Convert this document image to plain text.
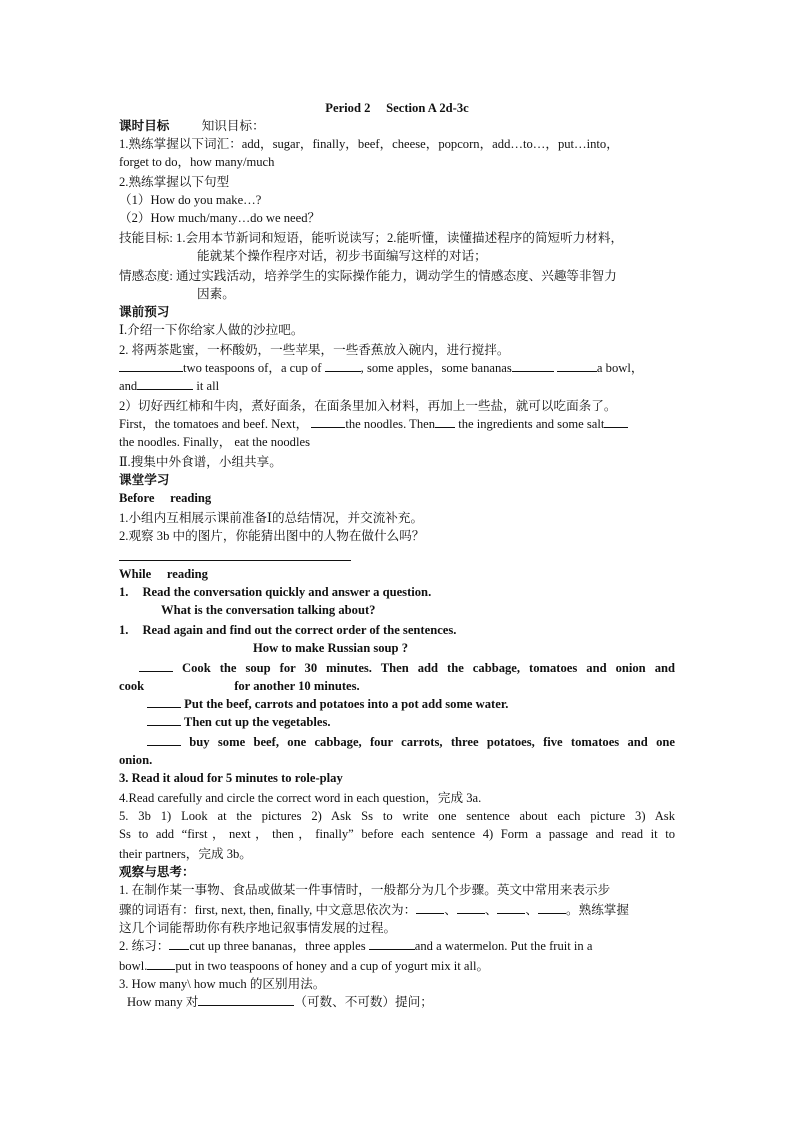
Period 2　 Section A 2d-3c
课时目标	知识目标：
1.熟练掌握以下词汇：add，sugar，finally，beef，cheese，popcorn，add…to…，put…into，
forget to do，how many/much
2.熟练掌握以下句型
（1）How do you make…?
（2）How much/many…do we need？
技能目标: 1.会用本节新词和短语，能听说读写；2.能听懂，读懂描述程序的简短听力材料，
能就某个操作程序对话，初步书面编写这样的对话；
情感态度: 通过实践活动，培养学生的实际操作能力，调动学生的情感态度、兴趣等非智力
因素。
课前预习
Ⅰ.介绍一下你给家人做的沙拉吧。
2. 将两茶匙蜜，一杯酸奶，一些苹果，一些香蕉放入碗内，进行搅拌。
two teaspoons of，a cup of	, some apples，some bananas	a bowl，
and	it all
2）切好西红柿和牛肉，煮好面条，在面条里加入材料，再加上一些盐，就可以吃面条了。
First，the tomatoes and beef. Next，	the noodles. Then the ingredients and some salt
the noodles. Finally， eat the noodles
Ⅱ.搜集中外食谱，小组共享。
课堂学习
Before　 reading
1.小组内互相展示课前准备Ⅰ的总结情况，并交流补充。
2.观察 3b 中的图片，你能猜出图中的人物在做什么吗？
While　 reading
1. Read the conversation quickly and answer a question.
What is the conversation talking about?
1. Read again and find out the correct order of the sentences.
How to make Russian soup ?
Cook the soup for 30 minutes. Then add the cabbage, tomatoes and onion and
cook	for another 10 minutes.
Put the beef, carrots and potatoes into a pot add some water.
Then cut up the vegetables.
buy some beef, one cabbage, four carrots, three potatoes, five tomatoes and one
onion.
3. Read it aloud for 5 minutes to role-play
4.Read carefully and circle the correct word in each question，完成 3a.
5. 3b 1) Look at the pictures 2) Ask Ss to write one sentence about each picture 3) Ask
Ss to add “first，next，then，finally” before each sentence 4) Form a passage and read it to
their partners，完成 3b。
观察与思考：
1. 在制作某一事物、食品或做某一件事情时，一般都分为几个步骤。英文中常用来表示步
骤的词语有：first, next, then, finally, 中文意思依次为： 、 、 、 。熟练掌握
这几个词能帮助你有秩序地记叙事情发展的过程。
2. 练习： cut up three bananas，three apples	and a watermelon. Put the fruit in a
bowl. put in two teaspoons of honey and a cup of yogurt mix it all。
3. How many\ how much 的区别用法。
How many 对	（可数、不可数）提问；
